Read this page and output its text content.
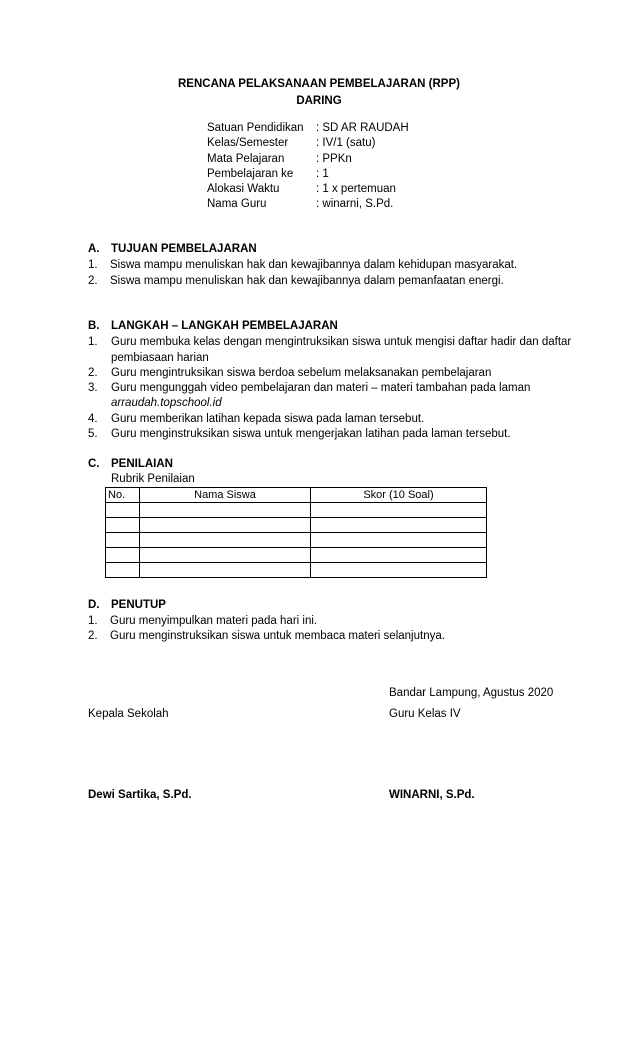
RENCANA PELAKSANAAN PEMBELAJARAN (RPP)
DARING
Satuan Pendidikan : SD AR RAUDAH
Kelas/Semester : IV/1 (satu)
Mata Pelajaran	: PPKn
Pembelajaran ke : 1
Alokasi Waktu	: 1 x pertemuan
Nama Guru	: winarni, S.Pd.
A. TUJUAN PEMBELAJARAN
1. Siswa mampu menuliskan hak dan kewajibannya dalam kehidupan masyarakat.
2. Siswa mampu menuliskan hak dan kewajibannya dalam pemanfaatan energi.
B. LANGKAH – LANGKAH PEMBELAJARAN
1. Guru membuka kelas dengan mengintruksikan siswa untuk mengisi daftar hadir dan daftar
pembiasaan harian
2. Guru mengintruksikan siswa berdoa sebelum melaksanakan pembelajaran
3. Guru mengunggah video pembelajaran dan materi – materi tambahan pada laman
arraudah.topschool.id
4. Guru memberikan latihan kepada siswa pada laman tersebut.
5. Guru menginstruksikan siswa untuk mengerjakan latihan pada laman tersebut.
C. PENILAIAN
Rubrik Penilaian
No.	Nama Siswa	Skor (10 Soal)

D. PENUTUP
1. Guru menyimpulkan materi pada hari ini.
2. Guru menginstruksikan siswa untuk membaca materi selanjutnya.
Bandar Lampung, Agustus 2020
Kepala Sekolah	Guru Kelas IV
Dewi Sartika, S.Pd.	WINARNI, S.Pd.
